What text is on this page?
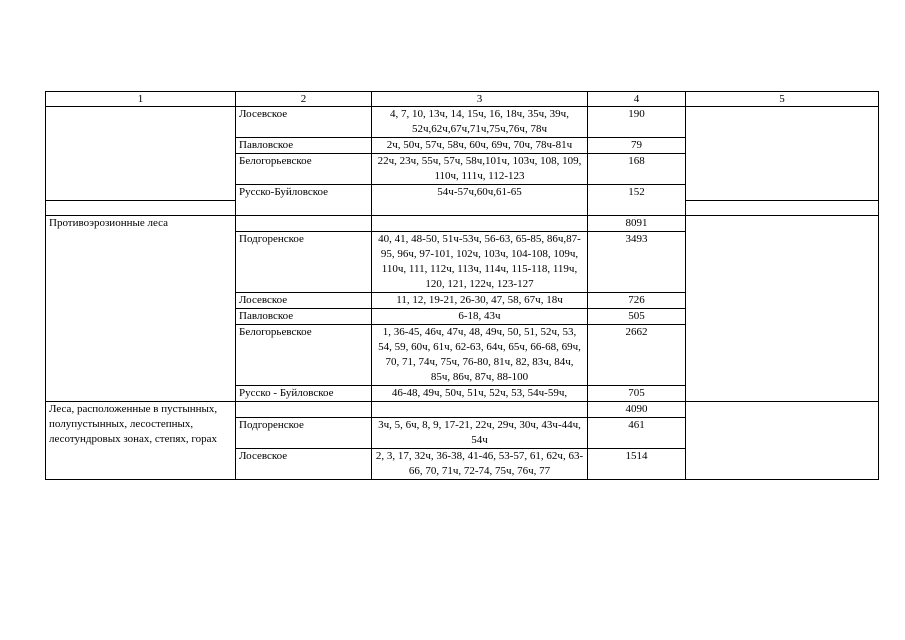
1	2	3	4	5
	Лосевское	4, 7, 10, 13ч, 14, 15ч, 16, 18ч, 35ч, 39ч, 52ч,62ч,67ч,71ч,75ч,76ч, 78ч	190	
	Павловское	2ч, 50ч, 57ч, 58ч, 60ч, 69ч, 70ч, 78ч-81ч	79	
	Белогорьевское	22ч, 23ч, 55ч, 57ч, 58ч,101ч, 103ч, 108, 109, 110ч, 111ч, 112-123	168	
	Русско-Буйловское	54ч-57ч,60ч,61-65	152	

Противоэрозионные леса			8091	
	Подгоренское	40, 41, 48-50, 51ч-53ч, 56-63, 65-85, 86ч,87-95, 96ч, 97-101, 102ч, 103ч, 104-108, 109ч, 110ч, 111, 112ч, 113ч, 114ч, 115-118, 119ч, 120, 121, 122ч, 123-127	3493	
	Лосевское	11, 12, 19-21, 26-30, 47, 58, 67ч, 18ч	726	
	Павловское	6-18, 43ч	505	
	Белогорьевское	1, 36-45, 46ч, 47ч, 48, 49ч, 50, 51, 52ч, 53, 54, 59, 60ч, 61ч, 62-63, 64ч, 65ч, 66-68, 69ч, 70, 71, 74ч, 75ч, 76-80, 81ч, 82, 83ч, 84ч, 85ч, 86ч, 87ч, 88-100	2662	
	Русско - Буйловское	46-48, 49ч, 50ч, 51ч, 52ч, 53, 54ч-59ч,	705	
Леса, расположенные в пустынных, полупустынных, лесостепных, лесотундровых зонах, степях, горах			4090	
	Подгоренское	3ч, 5, 6ч, 8, 9, 17-21, 22ч, 29ч, 30ч, 43ч-44ч, 54ч	461	
	Лосевское	2, 3, 17, 32ч, 36-38, 41-46, 53-57, 61, 62ч, 63-66, 70, 71ч, 72-74, 75ч, 76ч, 77	1514	
